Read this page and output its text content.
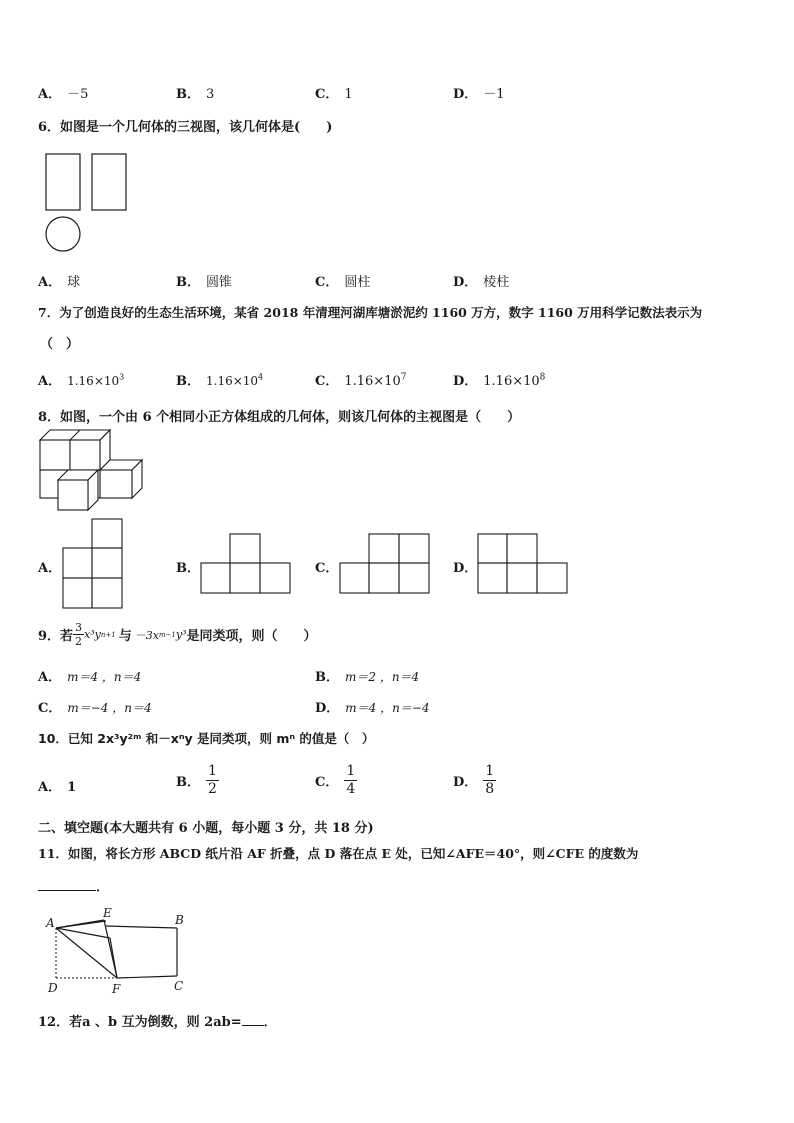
A． －5	B． 3	C． 1	D． －1
6．如图是一个几何体的三视图，该几何体是(　　)
A． 球	B． 圆锥	C． 圆柱	D． 棱柱
7．为了创造良好的生态生活环境，某省 2018 年清理河湖库塘淤泥约 1160 万方，数字 1160 万用科学记数法表示为
（　）
A． $1.16\times 10^3$	B． $1.16\times 10^4$	C． $1.16\times 10^7$	D． $1.16\times 10^8$
8．如图，一个由 6 个相同小正方体组成的几何体，则该几何体的主视图是（　　）
A．	B．	C．	D．
9．若 $\frac{3}{2} x^3y$ n+1 与 －3x m−1 y³ 是同类项，则（　　）
A． m＝4 ，n＝4	B． m＝2 ，n＝4
C． m＝−4 ，n＝4	D． m＝4 ，n＝−4
10．已知 2x³y²ᵐ 和－xⁿy 是同类项，则 mⁿ 的值是（　）
A． 1	B． $\frac{1}{2}$	C． $\frac{1}{4}$	D． $\frac{1}{8}$
二、填空题(本大题共有 6 小题，每小题 3 分，共 18 分)
11．如图，将长方形 ABCD 纸片沿 AF 折叠，点 D 落在点 E 处，已知∠AFE＝40°，则∠CFE 的度数为
．
A
E	B
C
D	F
12．若a 、b 互为倒数，则 2ab= ．
